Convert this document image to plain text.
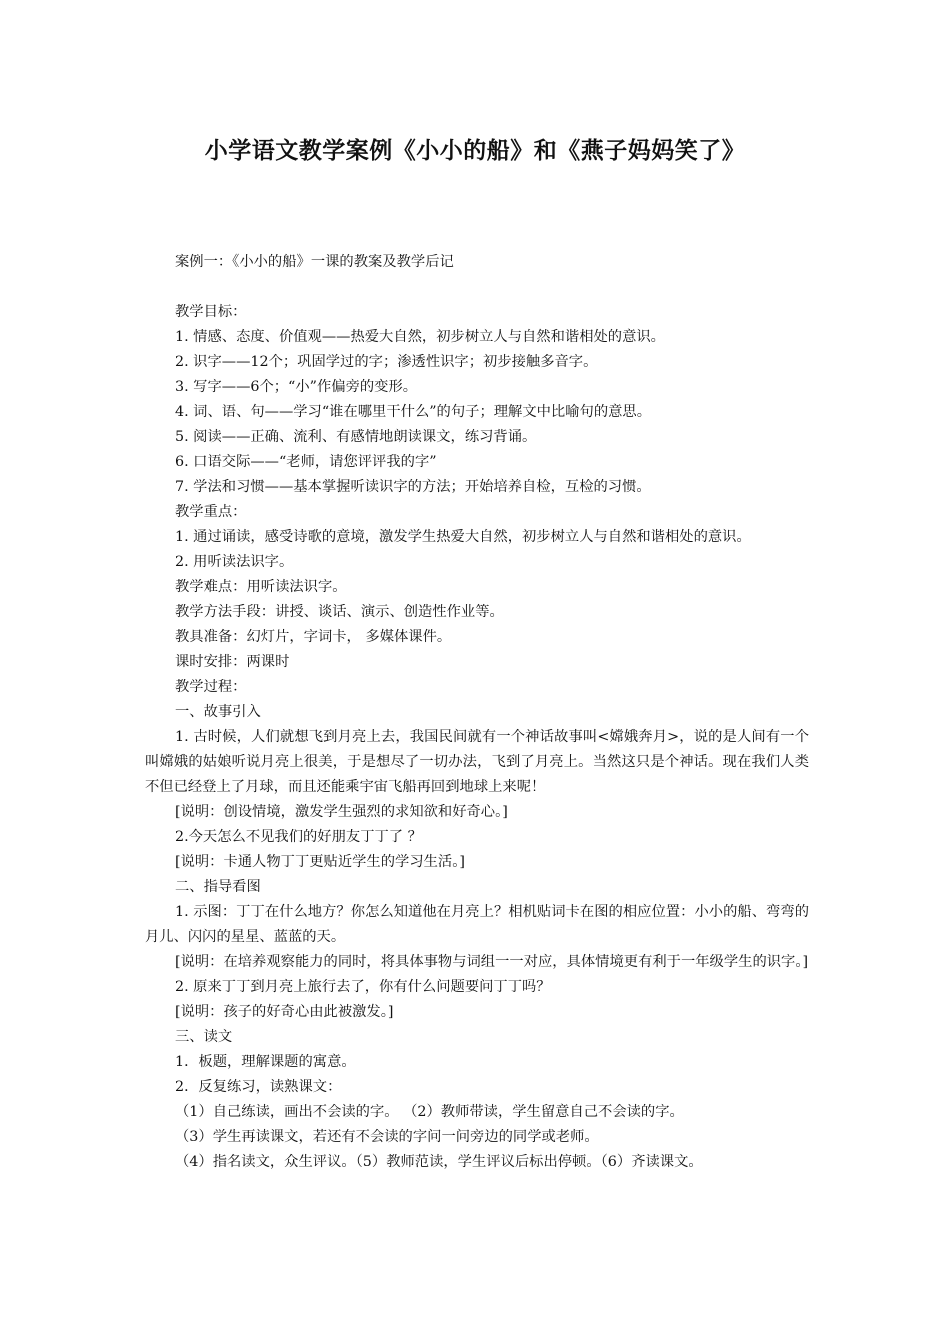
小学语文教学案例《小小的船》和《燕子妈妈笑了》

案例一：《小小的船》一课的教案及教学后记

教学目标：

1. 情感、态度、价值观——热爱大自然，初步树立人与自然和谐相处的意识。

2. 识字——12个；巩固学过的字；渗透性识字；初步接触多音字。

3. 写字——6个；“小”作偏旁的变形。

4. 词、语、句——学习“谁在哪里干什么”的句子；理解文中比喻句的意思。

5. 阅读——正确、流利、有感情地朗读课文，练习背诵。

6. 口语交际——“老师，请您评评我的字”

7. 学法和习惯——基本掌握听读识字的方法；开始培养自检，互检的习惯。

教学重点：

1. 通过诵读，感受诗歌的意境，激发学生热爱大自然，初步树立人与自然和谐相处的意识。

2. 用听读法识字。

教学难点：用听读法识字。

教学方法手段：讲授、谈话、演示、创造性作业等。

教具准备：幻灯片，字词卡， 多媒体课件。

课时安排：两课时

教学过程：

一、故事引入

1. 古时候，人们就想飞到月亮上去，我国民间就有一个神话故事叫<嫦娥奔月>，说的是人间有一个叫嫦娥的姑娘听说月亮上很美，于是想尽了一切办法，飞到了月亮上。当然这只是个神话。现在我们人类不但已经登上了月球，而且还能乘宇宙飞船再回到地球上来呢！

[说明：创设情境，激发学生强烈的求知欲和好奇心。]

2.今天怎么不见我们的好朋友丁丁了 ？

[说明：卡通人物丁丁更贴近学生的学习生活。]

二、指导看图

1. 示图：丁丁在什么地方？你怎么知道他在月亮上？相机贴词卡在图的相应位置：小小的船、弯弯的月儿、闪闪的星星、蓝蓝的天。

[说明：在培养观察能力的同时，将具体事物与词组一一对应，具体情境更有利于一年级学生的识字。]

2. 原来丁丁到月亮上旅行去了，你有什么问题要问丁丁吗？

[说明：孩子的好奇心由此被激发。]

三、读文

1．板题，理解课题的寓意。

2．反复练习，读熟课文：

（1）自己练读，画出不会读的字。 （2）教师带读，学生留意自己不会读的字。

（3）学生再读课文，若还有不会读的字问一问旁边的同学或老师。

（4）指名读文，众生评议。（5）教师范读，学生评议后标出停顿。（6）齐读课文。
